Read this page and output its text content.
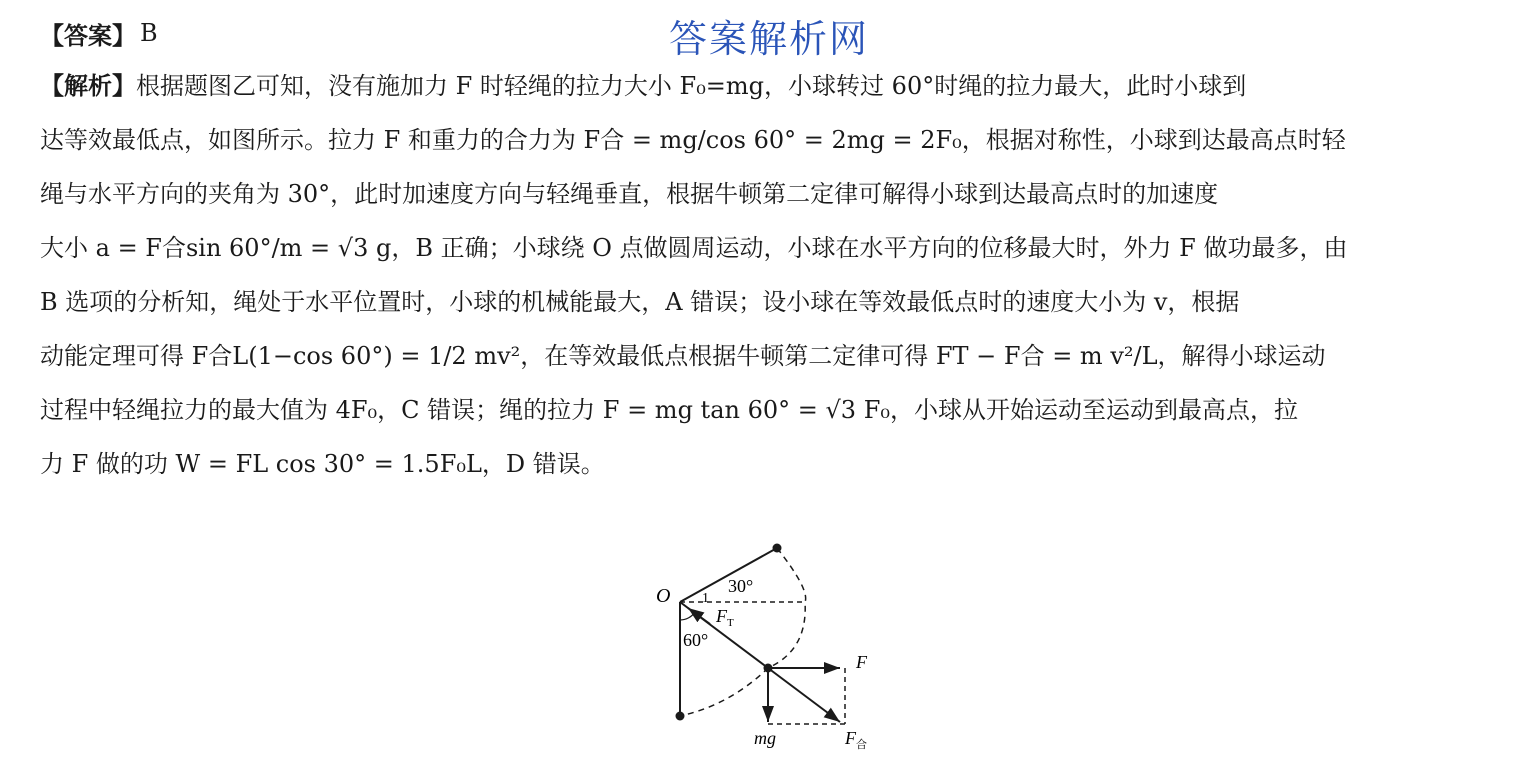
答案解析网
【答案】 B
【解析】 根据题图乙可知，没有施加力 F 时轻绳的拉力大小 F₀=mg，小球转过 60°时绳的拉力最大，此时小球到
达等效最低点，如图所示。拉力 F 和重力的合力为 F合 = mg/cos 60° = 2mg = 2F₀，根据对称性，小球到达最高点时轻
绳与水平方向的夹角为 30°，此时加速度方向与轻绳垂直，根据牛顿第二定律可解得小球到达最高点时的加速度
大小 a = F合sin 60°/m = √3 g，B 正确；小球绕 O 点做圆周运动，小球在水平方向的位移最大时，外力 F 做功最多，由
B 选项的分析知，绳处于水平位置时，小球的机械能最大，A 错误；设小球在等效最低点时的速度大小为 v，根据
动能定理可得 F合L(1−cos 60°) = 1/2 mv²，在等效最低点根据牛顿第二定律可得 FT − F合 = m v²/L，解得小球运动
过程中轻绳拉力的最大值为 4F₀，C 错误；绳的拉力 F = mg tan 60° = √3 F₀，小球从开始运动至运动到最高点，拉
力 F 做的功 W = FL cos 30° = 1.5F₀L，D 错误。
O	30°
1
F T
60°
F
mg	F 合
